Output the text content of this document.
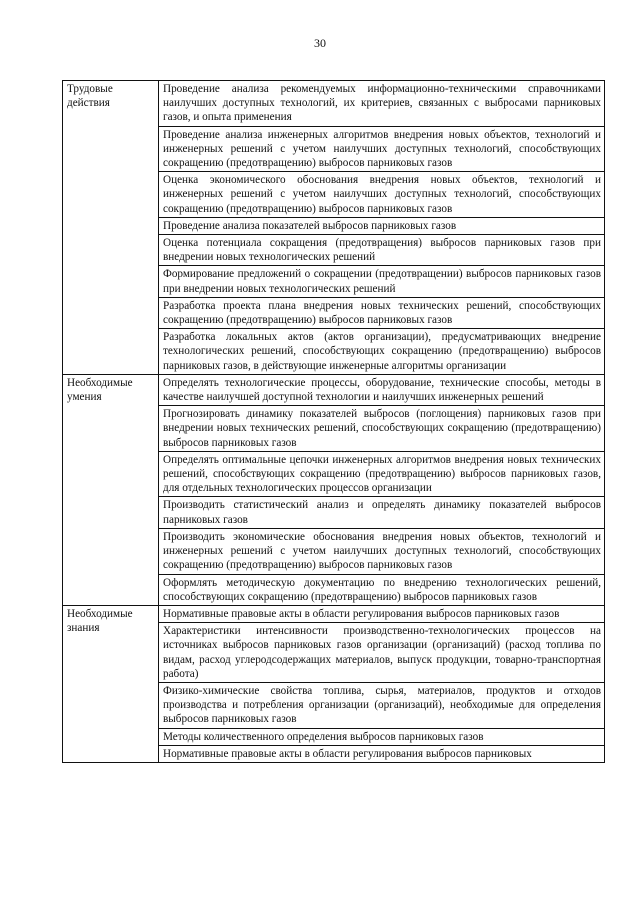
30
Трудовые действия	Проведение анализа рекомендуемых информационно-техническими справочниками наилучших доступных технологий, их критериев, связанных с выбросами парниковых газов, и опыта применения
	Проведение анализа инженерных алгоритмов внедрения новых объектов, технологий и инженерных решений с учетом наилучших доступных технологий, способствующих сокращению (предотвращению) выбросов парниковых газов
	Оценка экономического обоснования внедрения новых объектов, технологий и инженерных решений с учетом наилучших доступных технологий, способствующих сокращению (предотвращению) выбросов парниковых газов
	Проведение анализа показателей выбросов парниковых газов
	Оценка потенциала сокращения (предотвращения) выбросов парниковых газов при внедрении новых технологических решений
	Формирование предложений о сокращении (предотвращении) выбросов парниковых газов при внедрении новых технологических решений
	Разработка проекта плана внедрения новых технических решений, способствующих сокращению (предотвращению) выбросов парниковых газов
	Разработка локальных актов (актов организации), предусматривающих внедрение технологических решений, способствующих сокращению (предотвращению) выбросов парниковых газов, в действующие инженерные алгоритмы организации
Необходимые умения	Определять технологические процессы, оборудование, технические способы, методы в качестве наилучшей доступной технологии и наилучших инженерных решений
	Прогнозировать динамику показателей выбросов (поглощения) парниковых газов при внедрении новых технических решений, способствующих сокращению (предотвращению) выбросов парниковых газов
	Определять оптимальные цепочки инженерных алгоритмов внедрения новых технических решений, способствующих сокращению (предотвращению) выбросов парниковых газов, для отдельных технологических процессов организации
	Производить статистический анализ и определять динамику показателей выбросов парниковых газов
	Производить экономические обоснования внедрения новых объектов, технологий и инженерных решений с учетом наилучших доступных технологий, способствующих сокращению (предотвращению) выбросов парниковых газов
	Оформлять методическую документацию по внедрению технологических решений, способствующих сокращению (предотвращению) выбросов парниковых газов
Необходимые знания	Нормативные правовые акты в области регулирования выбросов парниковых газов
	Характеристики интенсивности производственно-технологических процессов на источниках выбросов парниковых газов организации (организаций) (расход топлива по видам, расход углеродсодержащих материалов, выпуск продукции, товарно-транспортная работа)
	Физико-химические свойства топлива, сырья, материалов, продуктов и отходов производства и потребления организации (организаций), необходимые для определения выбросов парниковых газов
	Методы количественного определения выбросов парниковых газов
	Нормативные правовые акты в области регулирования выбросов парниковых
